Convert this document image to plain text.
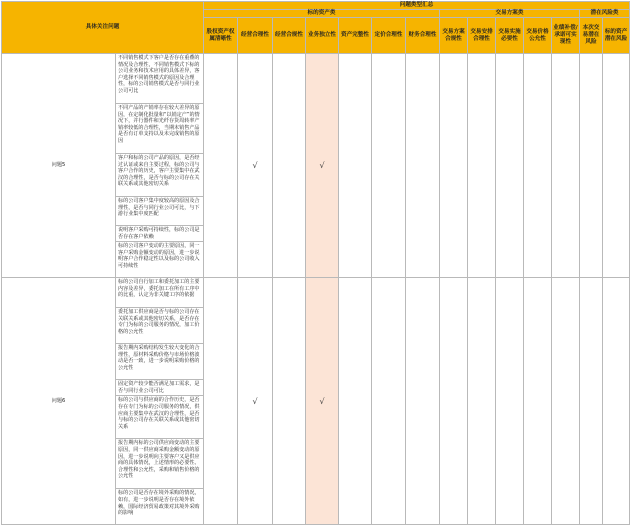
具体关注问题		问题类型汇总													
		标的资产类							交易方案类					潜在风险类	
		股权资产权属清晰性	经营合理性	经营合规性	业务独立性	资产完整性	定价合理性	财务合理性	交易方案合规性	交易安排合理性	交易实施必要性	交易价格公允性	业绩补偿/承诺可实现性	本次交易潜在风险	标的资产潜在风险
问题5	不同销售模式下客户是否存在重叠的情况及合理性，不同销售模式下标的公司业务和技术应用的具体差异，客户选择不同销售模式的原因及合理性，标的公司销售模式是否与同行业公司可比		√		√										
	不同产品的产销率存在较大差异的原因，在定制化批量和“以销定产”的情况下，并行器件和光纤存货周转率产销率较低的合理性，当期末销售产品是否有订单支持以及未完成销售的原因														
	客户和标的公司产品的原因，是否经过认证或来自主要过程，标的公司与客户合作的历史，客户主要集中在武汉的合理性，是否与标的公司存在关联关系或其他密切关系														
	标的公司客户集中度较高的原因及合理性，是否与同行业公司可比，与下游行业集中度匹配														
	说明客户采购可持续性，标的公司是否存在客户依赖														
	标的公司客户变动的主要原因，同一客户采购金额变动的原因，进一步说明客户合作稳定性以及标的公司收入可持续性														
问题6	标的公司自行加工和委托加工的主要内容及差异，委托加工在所有工序中的比重，认定为非关键工序的依据		√		√										
	委托加工供应商是否与标的公司存在关联关系或其他密切关系，是否存在专门为标的公司服务的情况，加工价格的公允性														
	报告期内采购结构发生较大变化的合理性，原材料采购价格与市场价格波动是否一致，进一步说明采购价格的公允性														
	固定资产较少能否满足加工需求，是否与同行业公司可比														
	标的公司与供应商的合作历史，是否存在专门为标的公司服务的情况，供应商主要集中在武汉的合理性，是否与标的公司存在关联关系或其他密切关系														
	报告期内标的公司供应商变动的主要原因，同一供应商采购金额变动的原因，进一步说明向主要客户又是供应商的具体情况，上述情形的必要性、合理性和公允性，采购和销售价格的公允性														
	标的公司是否存在境外采购的情况，如有，进一步说明是否存在境外依赖，国际经济贸易政策对其境外采购的影响														
